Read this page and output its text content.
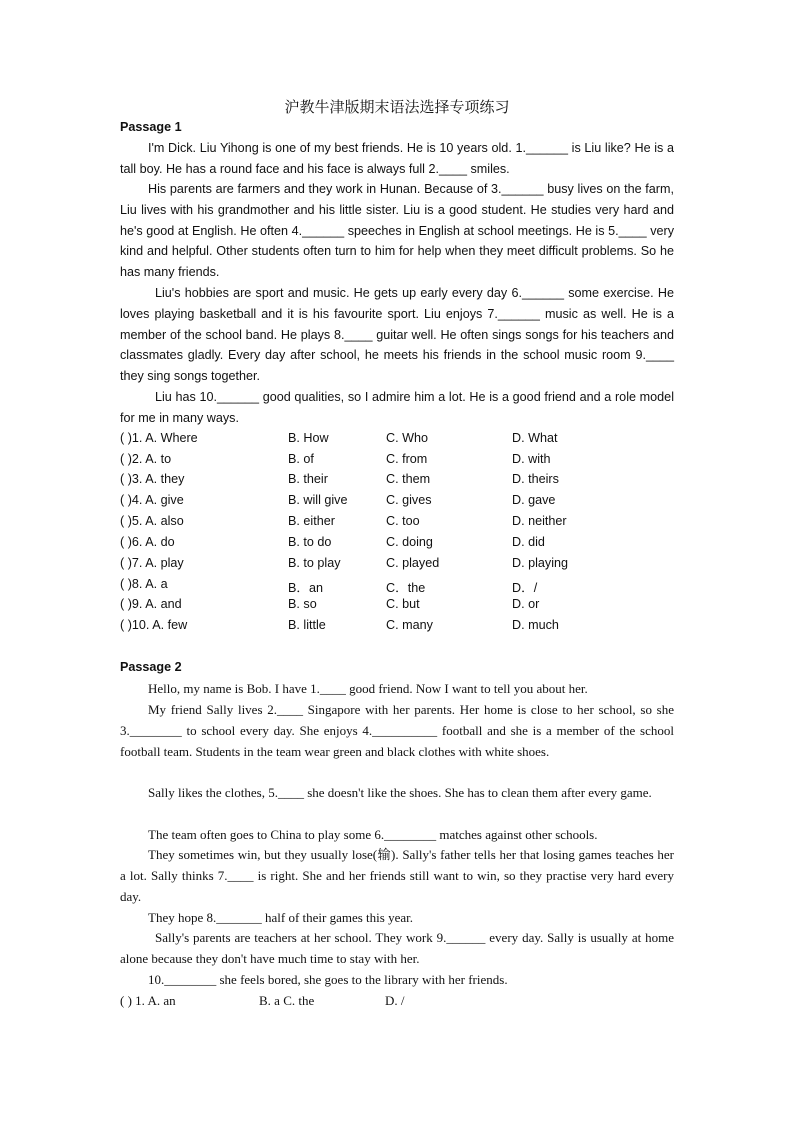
沪教牛津版期末语法选择专项练习
Passage 1

I'm Dick. Liu Yihong is one of my best friends. He is 10 years old. 1.______ is Liu like? He is a tall boy. He has a round face and his face is always full 2.____ smiles.

His parents are farmers and they work in Hunan. Because of 3.______ busy lives on the farm, Liu lives with his grandmother and his little sister. Liu is a good student. He studies very hard and he's good at English. He often 4.______ speeches in English at school meetings. He is 5.____ very kind and helpful. Other students often turn to him for help when they meet difficult problems. So he has many friends.

Liu's hobbies are sport and music. He gets up early every day 6.______ some exercise. He loves playing basketball and it is his favourite sport. Liu enjoys 7.______ music as well. He is a member of the school band. He plays 8.____ guitar well. He often sings songs for his teachers and classmates gladly. Every day after school, he meets his friends in the school music room 9.____ they sing songs together.

Liu has 10.______ good qualities, so I admire him a lot. He is a good friend and a role model for me in many ways.

( )1. A. Where	B. How	C. Who	D. What
( )2. A. to	B. of	C. from	D. with
( )3. A. they	B. their	C. them	D. theirs
( )4. A. give	B. will give	C. gives	D. gave
( )5. A. also	B. either	C. too	D. neither
( )6. A. do	B. to do	C. doing	D. did
( )7. A. play	B. to play	C. played	D. playing
( )8. A. a	B．an	C．the	D．/
( )9. A. and	B. so	C. but	D. or
( )10. A. few	B. little	C. many	D. much
Passage 2

Hello, my name is Bob. I have 1.____ good friend. Now I want to tell you about her.

My friend Sally lives 2.____ Singapore with her parents. Her home is close to her school, so she 3.________ to school every day. She enjoys 4.__________ football and she is a member of the school football team. Students in the team wear green and black clothes with white shoes.

Sally likes the clothes, 5.____ she doesn't like the shoes. She has to clean them after every game.

The team often goes to China to play some 6.________ matches against other schools.

They sometimes win, but they usually lose(输). Sally's father tells her that losing games teaches her a lot. Sally thinks 7.____ is right. She and her friends still want to win, so they practise very hard every day.

They hope 8._______ half of their games this year.

Sally's parents are teachers at her school. They work 9.______ every day. Sally is usually at home alone because they don't have much time to stay with her.

10.________ she feels bored, she goes to the library with her friends.

( ) 1. A. an	B. a C. the	D. /
